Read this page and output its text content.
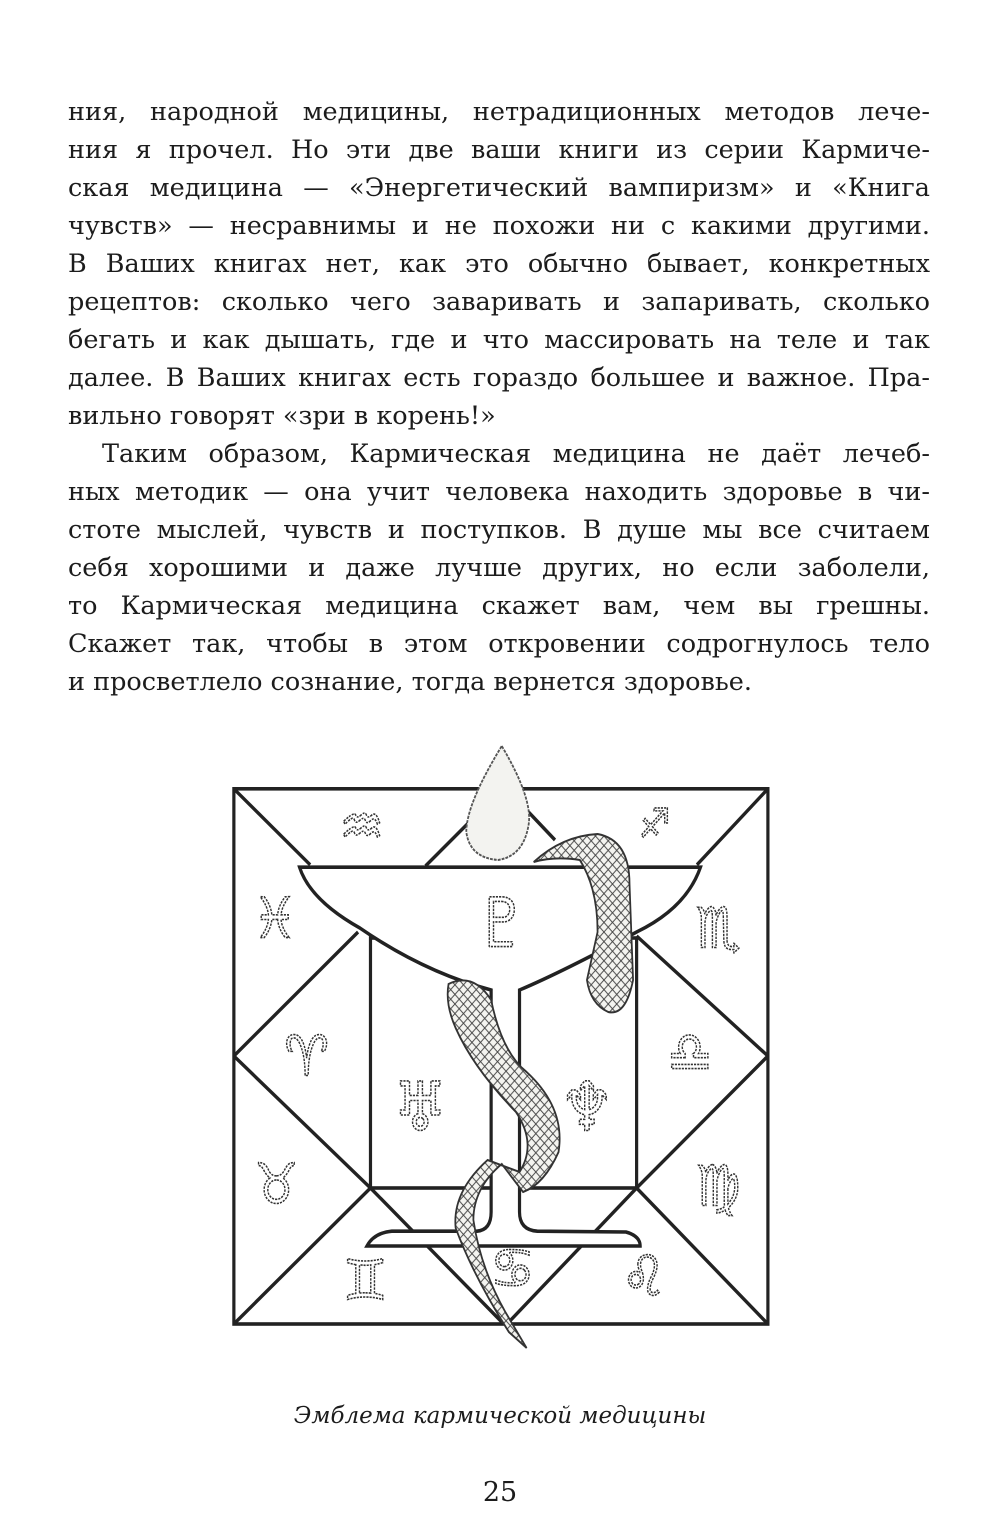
ния, народной медицины, нетрадиционных методов лече-
ния я прочел. Но эти две ваши книги из серии Кармиче-
ская медицина — «Энергетический вампиризм» и «Книга
чувств» — несравнимы и не похожи ни с какими другими.
В Ваших книгах нет, как это обычно бывает, конкретных
рецептов: сколько чего заваривать и запаривать, сколько
бегать и как дышать, где и что массировать на теле и так
далее. В Ваших книгах есть гораздо большее и важное. Пра-
вильно говорят «зри в корень!»
Таким образом, Кармическая медицина не даёт лечеб-
ных методик — она учит человека находить здоровье в чи-
стоте мыслей, чувств и поступков. В душе мы все считаем
себя хорошими и даже лучше других, но если заболели,
то Кармическая медицина скажет вам, чем вы грешны.
Скажет так, чтобы в этом откровении содрогнулось тело
и просветлело сознание, тогда вернется здоровье.
♒	♐
♓	♏
♈ ♎
♉	♍
♊ ♋ ♌
♇
♅ ♆
Эмблема кармической медицины
25
